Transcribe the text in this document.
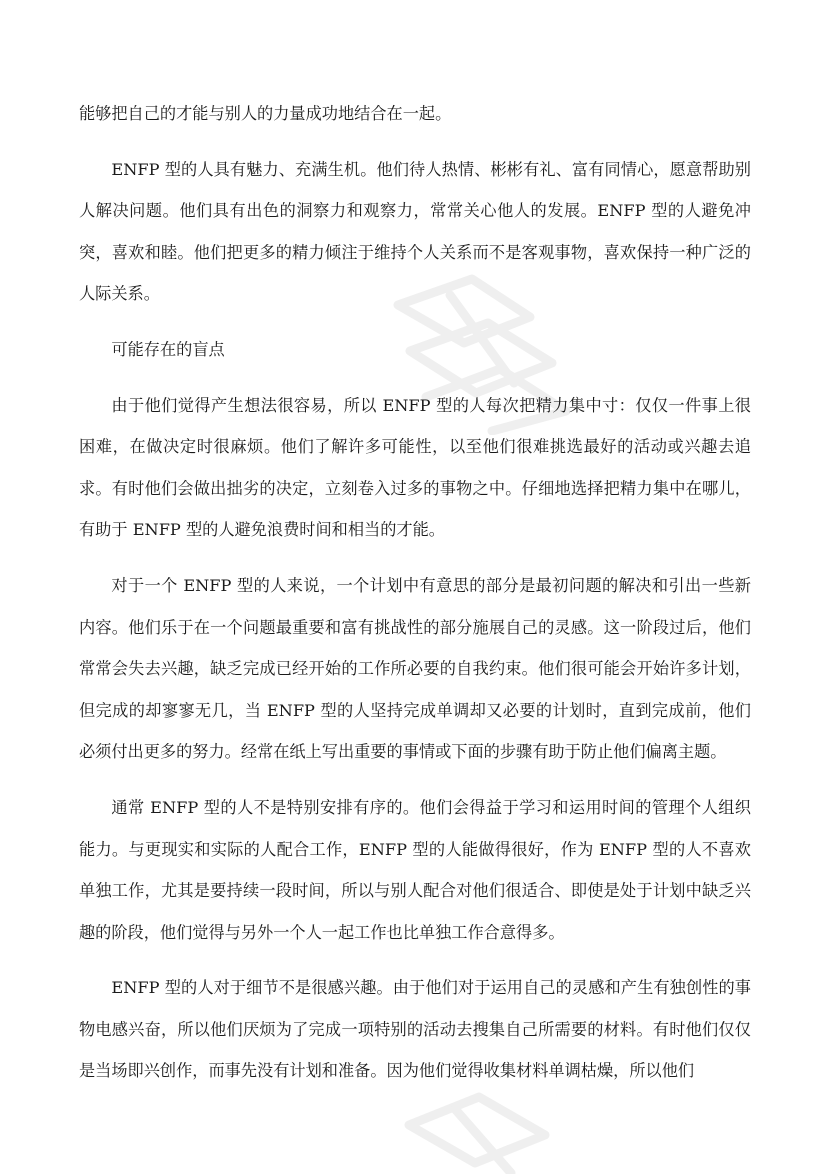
能够把自己的才能与别人的力量成功地结合在一起。

ENFP 型的人具有魅力、充满生机。他们待人热情、彬彬有礼、富有同情心，愿意帮助别人解决问题。他们具有出色的洞察力和观察力，常常关心他人的发展。ENFP 型的人避免冲突，喜欢和睦。他们把更多的精力倾注于维持个人关系而不是客观事物，喜欢保持一种广泛的人际关系。

可能存在的盲点

由于他们觉得产生想法很容易，所以 ENFP 型的人每次把精力集中寸：仅仅一件事上很困难，在做决定时很麻烦。他们了解许多可能性，以至他们很难挑选最好的活动或兴趣去追求。有时他们会做出拙劣的决定，立刻卷入过多的事物之中。仔细地选择把精力集中在哪儿，有助于 ENFP 型的人避免浪费时间和相当的才能。

对于一个 ENFP 型的人来说，一个计划中有意思的部分是最初问题的解决和引出一些新内容。他们乐于在一个问题最重要和富有挑战性的部分施展自己的灵感。这一阶段过后，他们常常会失去兴趣，缺乏完成已经开始的工作所必要的自我约束。他们很可能会开始许多计划，但完成的却寥寥无几，当 ENFP 型的人坚持完成单调却又必要的计划时，直到完成前，他们必须付出更多的努力。经常在纸上写出重要的事情或下面的步骤有助于防止他们偏离主题。

通常 ENFP 型的人不是特别安排有序的。他们会得益于学习和运用时间的管理个人组织能力。与更现实和实际的人配合工作，ENFP 型的人能做得很好，作为 ENFP 型的人不喜欢单独工作，尤其是要持续一段时间，所以与别人配合对他们很适合、即使是处于计划中缺乏兴趣的阶段，他们觉得与另外一个人一起工作也比单独工作合意得多。

ENFP 型的人对于细节不是很感兴趣。由于他们对于运用自己的灵感和产生有独创性的事物电感兴奋，所以他们厌烦为了完成一项特别的活动去搜集自己所需要的材料。有时他们仅仅是当场即兴创作，而事先没有计划和准备。因为他们觉得收集材料单调枯燥，所以他们
